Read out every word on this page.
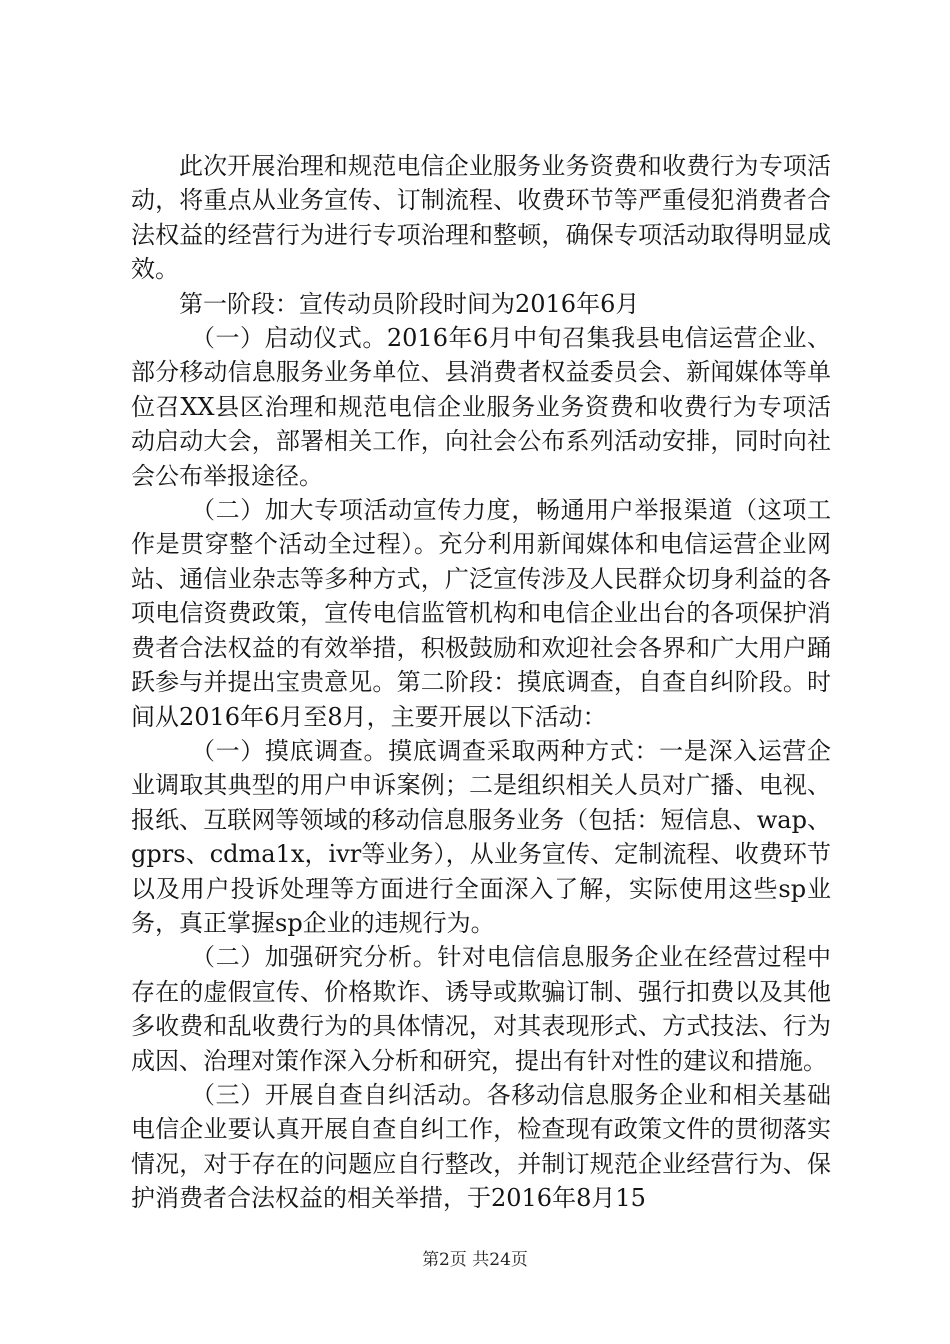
此次开展治理和规范电信企业服务业务资费和收费行为专项活动，将重点从业务宣传、订制流程、收费环节等严重侵犯消费者合法权益的经营行为进行专项治理和整顿，确保专项活动取得明显成效。

第一阶段：宣传动员阶段时间为2016年6月

（一）启动仪式。2016年6月中旬召集我县电信运营企业、部分移动信息服务业务单位、县消费者权益委员会、新闻媒体等单位召XX县区治理和规范电信企业服务业务资费和收费行为专项活动启动大会，部署相关工作，向社会公布系列活动安排，同时向社会公布举报途径。

（二）加大专项活动宣传力度，畅通用户举报渠道（这项工作是贯穿整个活动全过程）。充分利用新闻媒体和电信运营企业网站、通信业杂志等多种方式，广泛宣传涉及人民群众切身利益的各项电信资费政策，宣传电信监管机构和电信企业出台的各项保护消费者合法权益的有效举措，积极鼓励和欢迎社会各界和广大用户踊跃参与并提出宝贵意见。第二阶段：摸底调查，自查自纠阶段。时间从2016年6月至8月，主要开展以下活动：

（一）摸底调查。摸底调查采取两种方式：一是深入运营企业调取其典型的用户申诉案例；二是组织相关人员对广播、电视、报纸、互联网等领域的移动信息服务业务（包括：短信息、wap、gprs、cdma1x，ivr等业务），从业务宣传、定制流程、收费环节以及用户投诉处理等方面进行全面深入了解，实际使用这些sp业务，真正掌握sp企业的违规行为。

（二）加强研究分析。针对电信信息服务企业在经营过程中存在的虚假宣传、价格欺诈、诱导或欺骗订制、强行扣费以及其他多收费和乱收费行为的具体情况，对其表现形式、方式技法、行为成因、治理对策作深入分析和研究，提出有针对性的建议和措施。

（三）开展自查自纠活动。各移动信息服务企业和相关基础电信企业要认真开展自查自纠工作，检查现有政策文件的贯彻落实情况，对于存在的问题应自行整改，并制订规范企业经营行为、保护消费者合法权益的相关举措，于2016年8月15

第2页 共24页
